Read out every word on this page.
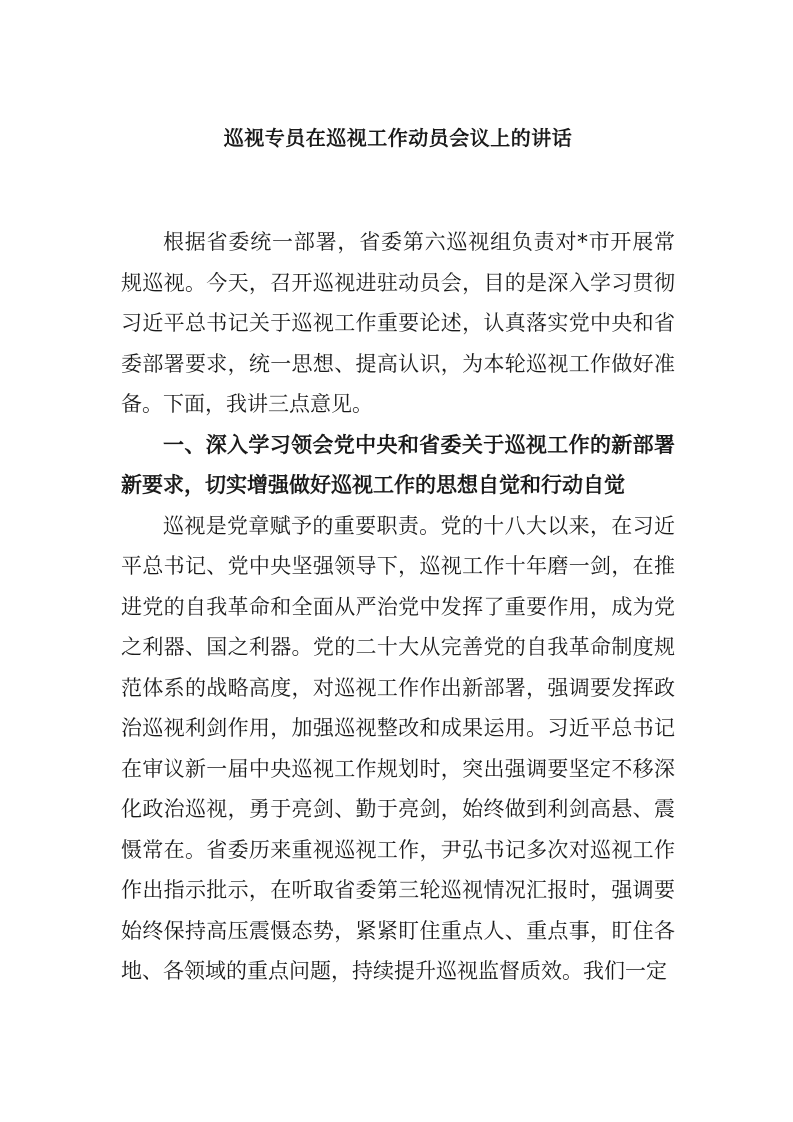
巡视专员在巡视工作动员会议上的讲话

根据省委统一部署，省委第六巡视组负责对*市开展常规巡视。今天，召开巡视进驻动员会，目的是深入学习贯彻习近平总书记关于巡视工作重要论述，认真落实党中央和省委部署要求，统一思想、提高认识，为本轮巡视工作做好准备。下面，我讲三点意见。

一、深入学习领会党中央和省委关于巡视工作的新部署新要求，切实增强做好巡视工作的思想自觉和行动自觉

巡视是党章赋予的重要职责。党的十八大以来，在习近平总书记、党中央坚强领导下，巡视工作十年磨一剑，在推进党的自我革命和全面从严治党中发挥了重要作用，成为党之利器、国之利器。党的二十大从完善党的自我革命制度规范体系的战略高度，对巡视工作作出新部署，强调要发挥政治巡视利剑作用，加强巡视整改和成果运用。习近平总书记在审议新一届中央巡视工作规划时，突出强调要坚定不移深化政治巡视，勇于亮剑、勤于亮剑，始终做到利剑高悬、震慑常在。省委历来重视巡视工作，尹弘书记多次对巡视工作作出指示批示，在听取省委第三轮巡视情况汇报时，强调要始终保持高压震慑态势，紧紧盯住重点人、重点事，盯住各地、各领域的重点问题，持续提升巡视监督质效。我们一定
